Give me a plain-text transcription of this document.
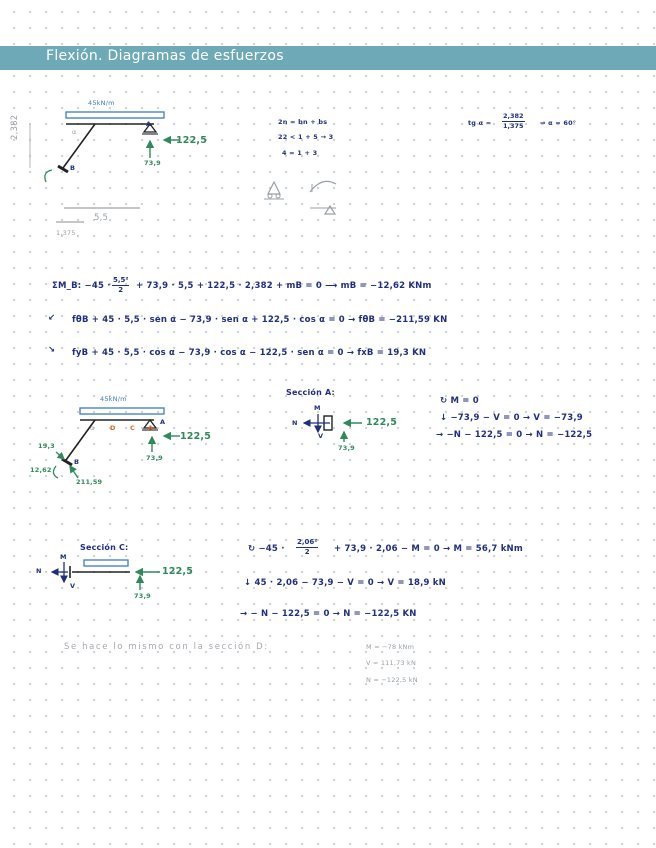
Flexión. Diagramas de esfuerzos
45kN/m
2,382	α
A
122,5
73,9
B
5,5
1,375
2n = bn + bs
22 < 1 + 5 → 3
4 = 1 + 3
tg $\alpha = \frac{2,382}{1,375}$ ⇒ α = 60°
ΣM_B: $-45 \cdot \frac{\text{5,5²}}{2} + 73,9 \cdot 5,5 + 122,5 \cdot 2,382$ + mB = 0 ⟶ mB = −12,62 KNm
↙ fθB + 45 · 5,5 · sen α − 73,9 · sen α + 122,5 · cos α = 0 → fθB = −211,59 KN
↘ fyB + 45 · 5,5 · cos α − 73,9 · cos α − 122,5 · sen α = 0 → fxB = 19,3 KN
45kN/m
α D C A
A
122,5
73,9
19,3
12,62
B
211,59
Sección A:
M
N
V
122,5
73,9
↻ M = 0
↓ −73,9 − V = 0 → V = −73,9
→ −N − 122,5 = 0 → N = −122,5
Sección C:
M
N
V
122,5
73,9
↻ $-45 \cdot \frac{\text{2,06²}}{2} + 73,9 \cdot 2,06 - M = 0 \to M = 56,7$ kNm
↓ 45 · 2,06 − 73,9 − V = 0 → V = 18,9 kN
→ − N − 122,5 = 0 → N = −122,5 KN
Se hace lo mismo con la sección D:	M = −78 kNm
V = 111,73 kN
N = −122,5 kN
